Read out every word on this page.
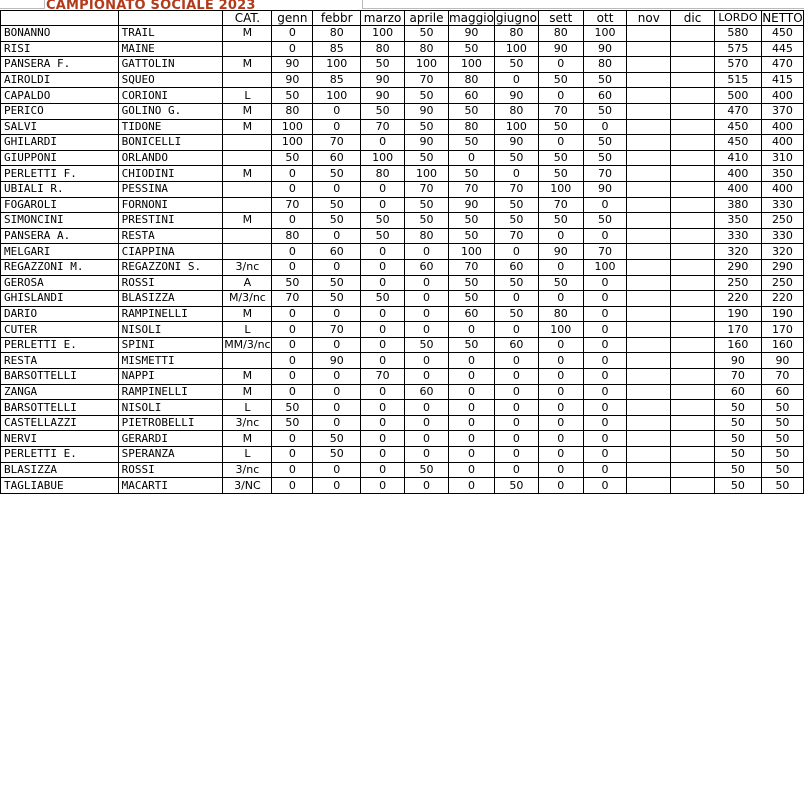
CAMPIONATO SOCIALE 2023
		CAT.	genn	febbr	marzo	aprile	maggio	giugno	sett	ott	nov	dic	LORDO	NETTO
BONANNO	TRAIL	M	0	80	100	50	90	80	80	100			580	450
RISI	MAINE		0	85	80	80	50	100	90	90			575	445
PANSERA F.	GATTOLIN	M	90	100	50	100	100	50	0	80			570	470
AIROLDI	SQUEO		90	85	90	70	80	0	50	50			515	415
CAPALDO	CORIONI	L	50	100	90	50	60	90	0	60			500	400
PERICO	GOLINO G.	M	80	0	50	90	50	80	70	50			470	370
SALVI	TIDONE	M	100	0	70	50	80	100	50	0			450	400
GHILARDI	BONICELLI		100	70	0	90	50	90	0	50			450	400
GIUPPONI	ORLANDO		50	60	100	50	0	50	50	50			410	310
PERLETTI F.	CHIODINI	M	0	50	80	100	50	0	50	70			400	350
UBIALI R.	PESSINA		0	0	0	70	70	70	100	90			400	400
FOGAROLI	FORNONI		70	50	0	50	90	50	70	0			380	330
SIMONCINI	PRESTINI	M	0	50	50	50	50	50	50	50			350	250
PANSERA A.	RESTA		80	0	50	80	50	70	0	0			330	330
MELGARI	CIAPPINA		0	60	0	0	100	0	90	70			320	320
REGAZZONI M.	REGAZZONI S.	3/nc	0	0	0	60	70	60	0	100			290	290
GEROSA	ROSSI	A	50	50	0	0	50	50	50	0			250	250
GHISLANDI	BLASIZZA	M/3/nc	70	50	50	0	50	0	0	0			220	220
DARIO	RAMPINELLI	M	0	0	0	0	60	50	80	0			190	190
CUTER	NISOLI	L	0	70	0	0	0	0	100	0			170	170
PERLETTI E.	SPINI	MM/3/nc	0	0	0	50	50	60	0	0			160	160
RESTA	MISMETTI		0	90	0	0	0	0	0	0			90	90
BARSOTTELLI	NAPPI	M	0	0	70	0	0	0	0	0			70	70
ZANGA	RAMPINELLI	M	0	0	0	60	0	0	0	0			60	60
BARSOTTELLI	NISOLI	L	50	0	0	0	0	0	0	0			50	50
CASTELLAZZI	PIETROBELLI	3/nc	50	0	0	0	0	0	0	0			50	50
NERVI	GERARDI	M	0	50	0	0	0	0	0	0			50	50
PERLETTI E.	SPERANZA	L	0	50	0	0	0	0	0	0			50	50
BLASIZZA	ROSSI	3/nc	0	0	0	50	0	0	0	0			50	50
TAGLIABUE	MACARTI	3/NC	0	0	0	0	0	50	0	0			50	50
